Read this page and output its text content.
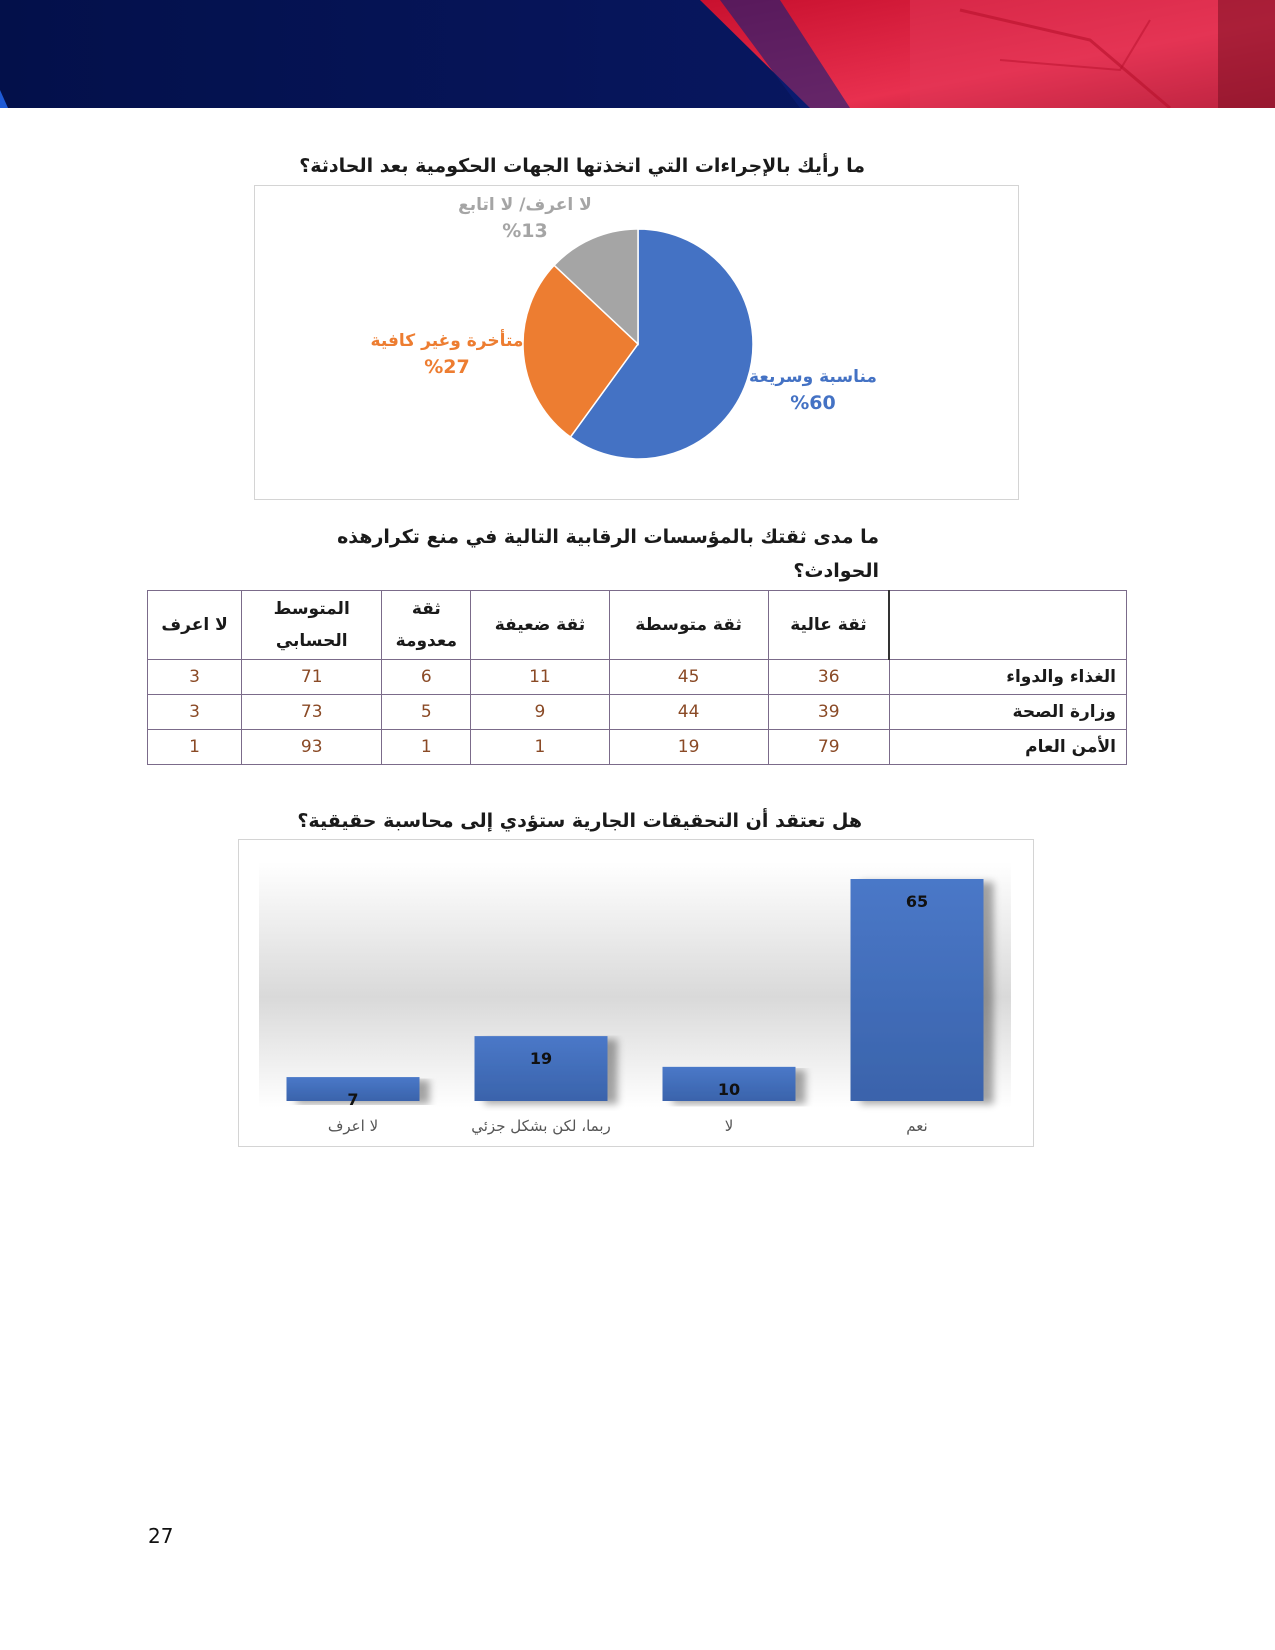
ما رأيك بالإجراءات التي اتخذتها الجهات الحكومية بعد الحادثة؟
مناسبة وسريعة
%60
متأخرة وغير كافية
%27
لا اعرف/ لا اتابع
%13
ما مدى ثقتك بالمؤسسات الرقابية التالية في منع تكرارهذه
الحوادث؟
	ثقة عالية	ثقة متوسطة	ثقة ضعيفة	ثقة معدومة	المتوسط الحسابي	لا اعرف
الغذاء والدواء	36	45	11	6	71	3
وزارة الصحة	39	44	9	5	73	3
الأمن العام	79	19	1	1	93	1
هل تعتقد أن التحقيقات الجارية ستؤدي إلى محاسبة حقيقية؟
7
لا اعرف
19
ربما، لكن بشكل جزئي
10
لا
65
نعم
27
